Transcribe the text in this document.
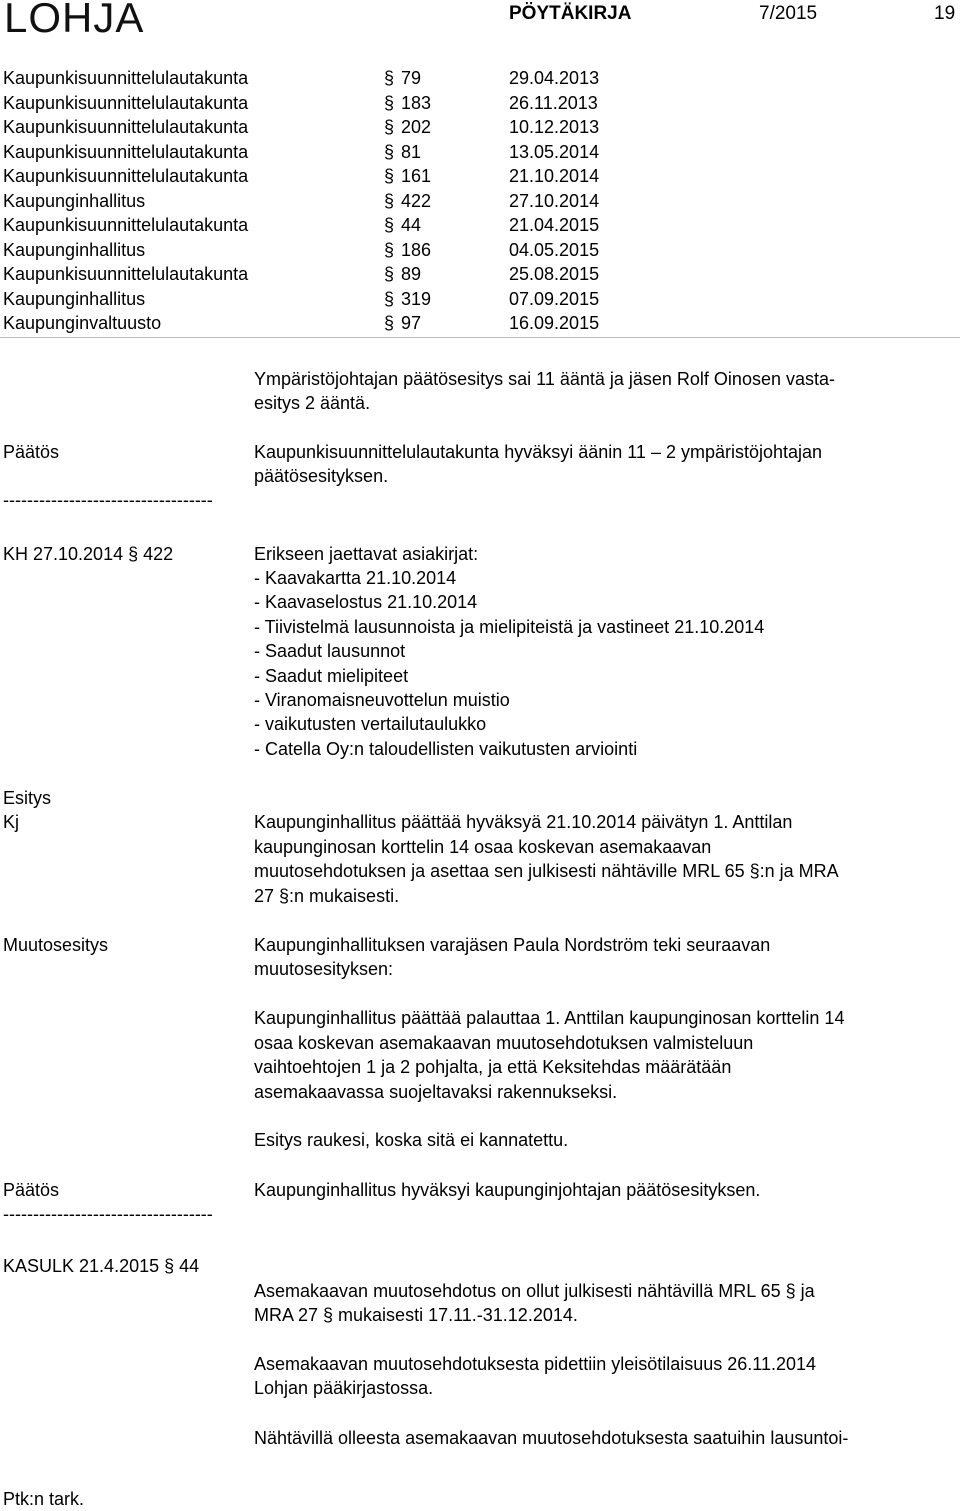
LOHJA	PÖYTÄKIRJA	7/2015	19
Kaupunkisuunnittelulautakunta	§ 79	29.04.2013
Kaupunkisuunnittelulautakunta	§ 183	26.11.2013
Kaupunkisuunnittelulautakunta	§ 202	10.12.2013
Kaupunkisuunnittelulautakunta	§ 81	13.05.2014
Kaupunkisuunnittelulautakunta	§ 161	21.10.2014
Kaupunginhallitus	§ 422	27.10.2014
Kaupunkisuunnittelulautakunta	§ 44	21.04.2015
Kaupunginhallitus	§ 186	04.05.2015
Kaupunkisuunnittelulautakunta	§ 89	25.08.2015
Kaupunginhallitus	§ 319	07.09.2015
Kaupunginvaltuusto	§ 97	16.09.2015
Ympäristöjohtajan päätösesitys sai 11 ääntä ja jäsen Rolf Oinosen vasta-
esitys 2 ääntä.
Päätös	Kaupunkisuunnittelulautakunta hyväksyi äänin 11 – 2 ympäristöjohtajan
päätösesityksen.
-----------------------------------
KH 27.10.2014 § 422	Erikseen jaettavat asiakirjat:
- Kaavakartta 21.10.2014
- Kaavaselostus 21.10.2014
- Tiivistelmä lausunnoista ja mielipiteistä ja vastineet 21.10.2014
- Saadut lausunnot
- Saadut mielipiteet
- Viranomaisneuvottelun muistio
- vaikutusten vertailutaulukko
- Catella Oy:n taloudellisten vaikutusten arviointi
Esitys
Kj	Kaupunginhallitus päättää hyväksyä 21.10.2014 päivätyn 1. Anttilan
kaupunginosan korttelin 14 osaa koskevan asemakaavan
muutosehdotuksen ja asettaa sen julkisesti nähtäville MRL 65 §:n ja MRA
27 §:n mukaisesti.
Muutosesitys	Kaupunginhallituksen varajäsen Paula Nordström teki seuraavan
muutosesityksen:
Kaupunginhallitus päättää palauttaa 1. Anttilan kaupunginosan korttelin 14
osaa koskevan asemakaavan muutosehdotuksen valmisteluun
vaihtoehtojen 1 ja 2 pohjalta, ja että Keksitehdas määrätään
asemakaavassa suojeltavaksi rakennukseksi.
Esitys raukesi, koska sitä ei kannatettu.
Päätös	Kaupunginhallitus hyväksyi kaupunginjohtajan päätösesityksen.
-----------------------------------
KASULK 21.4.2015 § 44
Asemakaavan muutosehdotus on ollut julkisesti nähtävillä MRL 65 § ja
MRA 27 § mukaisesti 17.11.-31.12.2014.
Asemakaavan muutosehdotuksesta pidettiin yleisötilaisuus 26.11.2014
Lohjan pääkirjastossa.
Nähtävillä olleesta asemakaavan muutosehdotuksesta saatuihin lausuntoi-
Ptk:n tark.
